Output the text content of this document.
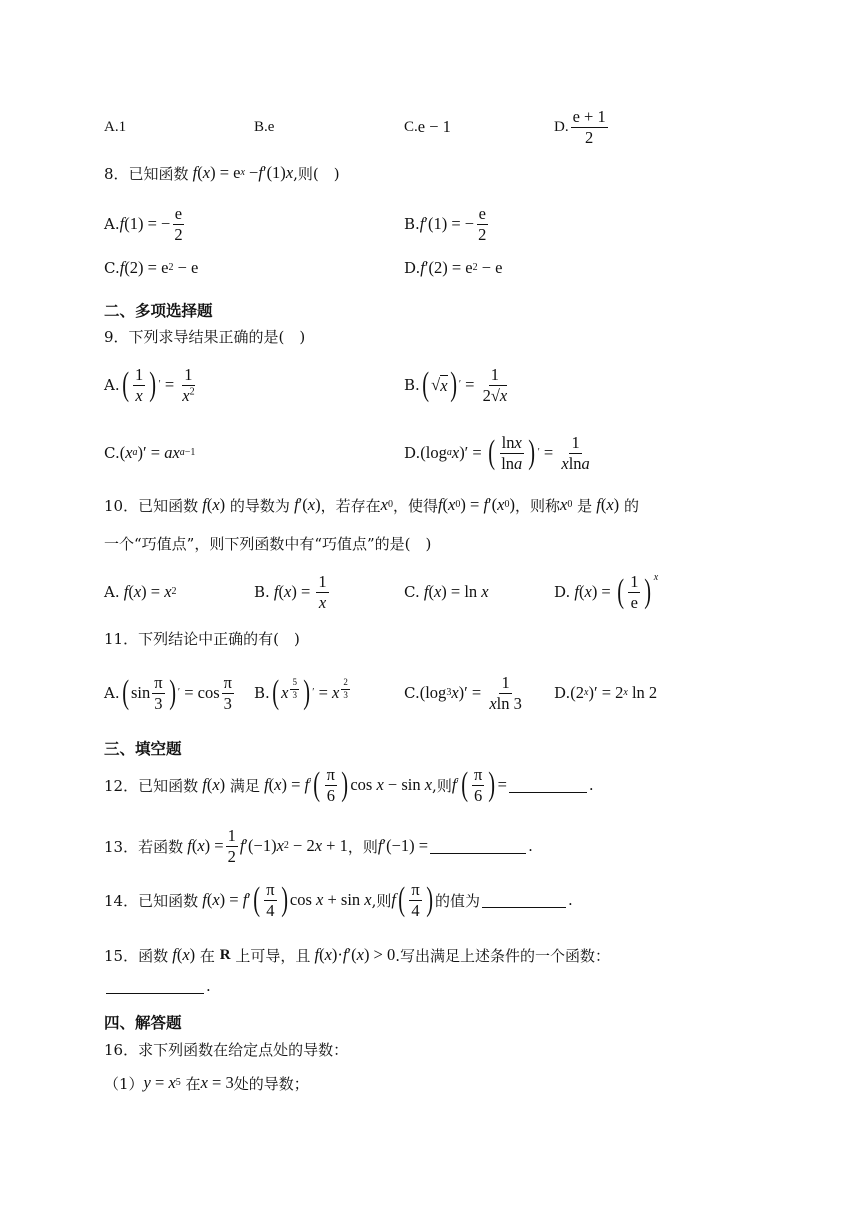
A.1	B.e	C. e − 1	D. $\frac{e + 1}{2}$
8．已知函数 f ( x ) = e x − f ′(1) x ,则(　)
A. f (1) = − $\frac{e}{2}$	B. f ′(1) = − $\frac{e}{2}$
C. f (2) = e 2 − e	D. f ′(2) = e 2 − e
二、多项选择题
9．下列求导结果正确的是(　)
A. ( $\frac{1}{x}$ ) ′ = $\frac{1}{x^2}$	B. ( √ x ) ′ = $\frac{1}{2√x}$
C. ( x a )′ = ax a−1	D. (log a x )′ = ( $\frac{\ln x}{\ln a}$ ) ′ = $\frac{1}{xlna}$
10．已知函数 f ( x )
的导数为 f ′( x ) ，若存在 x 0 ，使得 f ( x 0 ) = f ′( x 0 ) ，则称 x 0
是 f ( x )
的
一个“巧值点”，则下列函数中有“巧值点”的是(　)
A. f ( x ) = x 2	B. f ( x ) = $\frac{1}{x}$	C. f ( x ) = ln x	D. f ( x ) = ( $\frac{1}{e} )^x$
11．下列结论中正确的有(　)
A. ( $\sin \frac{\pi}{3}$ ) ′ = $\cos \frac{\pi}{3} B$. ( x $^{\frac{5}{3}}$ ) ′ = x $^{\frac{2}{3}}$	C. (log 3 x )′ = $\frac{1}{xln 3} D$. (2 x )′ = 2 x ln 2
三、填空题
12．已知函数 f ( x )
满足 f ( x ) = f ′ ( $\frac{\pi}{6}$ ) cos x − sin x ,则 f ′ ( $\frac{\pi}{6}$ ) =	.
13．若函数 f ( x ) = $\frac{1}{2}$ f ′(−1) x 2 − 2 x + 1 ，则 f ′(−1) =	.
14．已知函数 f ( x ) = f ′ ( $\frac{\pi}{4}$ ) cos x + sin x ,则 f ( $\frac{\pi}{4}$ ) 的值为	.
15．函数 f ( x )
在
R
上可导，且 f ( x )· f ′( x ) > 0 .写出满足上述条件的一个函数：
.
四、解答题
16．求下列函数在给定点处的导数：
（1） y = x 5
在 x = 3 处的导数；
